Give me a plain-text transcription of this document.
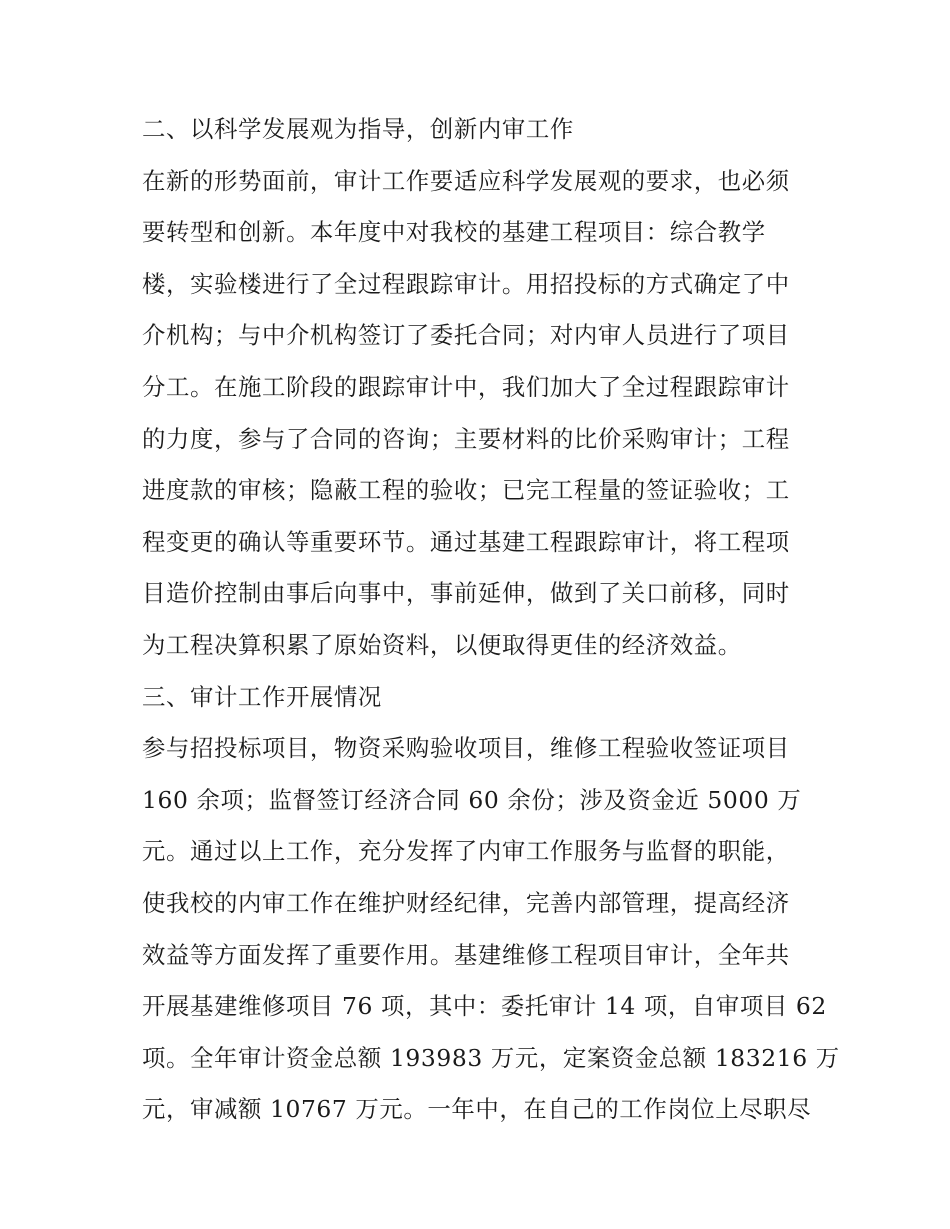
二、以科学发展观为指导，创新内审工作
在新的形势面前，审计工作要适应科学发展观的要求，也必须
要转型和创新。本年度中对我校的基建工程项目：综合教学
楼，实验楼进行了全过程跟踪审计。用招投标的方式确定了中
介机构；与中介机构签订了委托合同；对内审人员进行了项目
分工。在施工阶段的跟踪审计中，我们加大了全过程跟踪审计
的力度，参与了合同的咨询；主要材料的比价采购审计；工程
进度款的审核；隐蔽工程的验收；已完工程量的签证验收；工
程变更的确认等重要环节。通过基建工程跟踪审计，将工程项
目造价控制由事后向事中，事前延伸，做到了关口前移，同时
为工程决算积累了原始资料，以便取得更佳的经济效益。
三、审计工作开展情况
参与招投标项目，物资采购验收项目，维修工程验收签证项目
160 余项；监督签订经济合同 60 余份；涉及资金近 5000 万
元。通过以上工作，充分发挥了内审工作服务与监督的职能，
使我校的内审工作在维护财经纪律，完善内部管理，提高经济
效益等方面发挥了重要作用。基建维修工程项目审计，全年共
开展基建维修项目 76 项，其中：委托审计 14 项，自审项目 62
项。全年审计资金总额 193983 万元，定案资金总额 183216 万
元，审减额 10767 万元。一年中，在自己的工作岗位上尽职尽
